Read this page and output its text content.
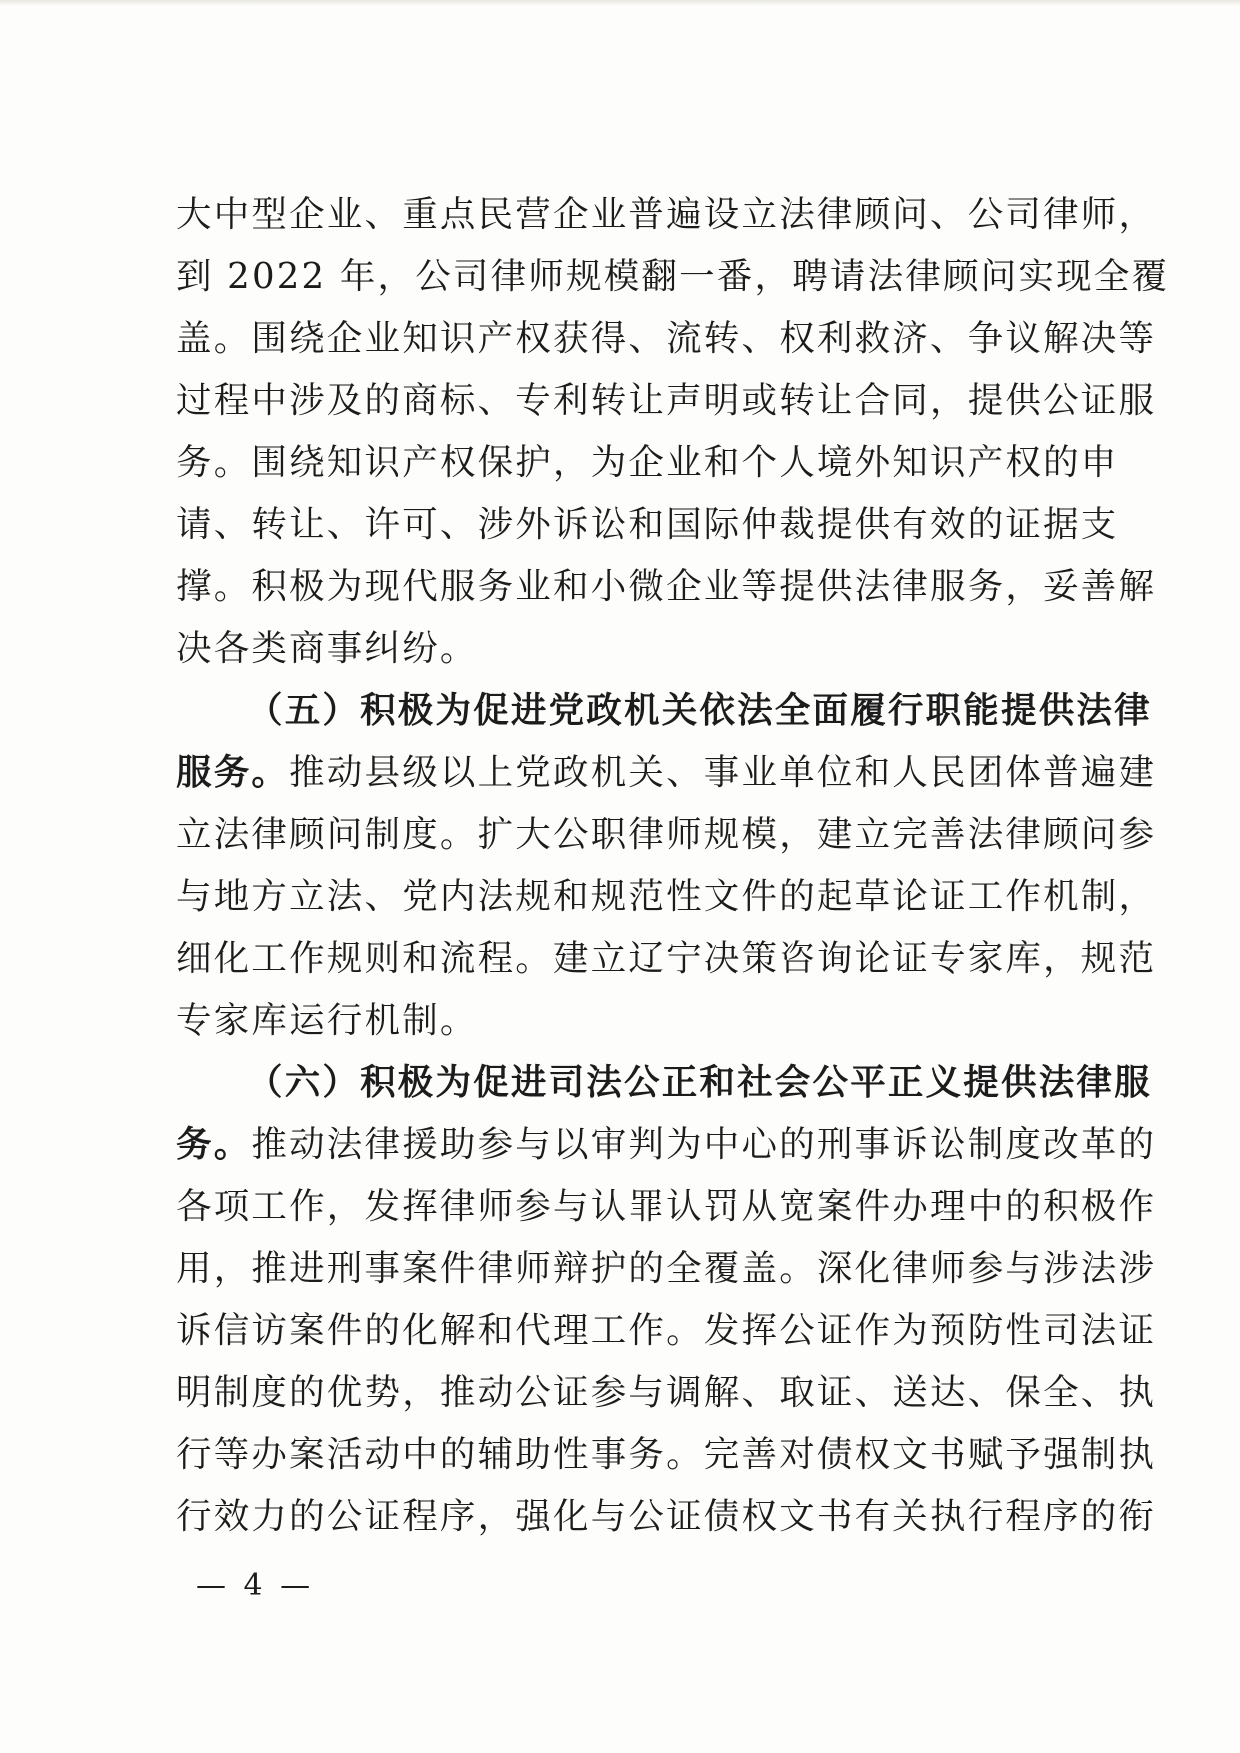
大中型企业、重点民营企业普遍设立法律顾问、公司律师，
到 2022 年，公司律师规模翻一番，聘请法律顾问实现全覆
盖。围绕企业知识产权获得、流转、权利救济、争议解决等
过程中涉及的商标、专利转让声明或转让合同，提供公证服
务。围绕知识产权保护，为企业和个人境外知识产权的申
请、转让、许可、涉外诉讼和国际仲裁提供有效的证据支
撑。积极为现代服务业和小微企业等提供法律服务，妥善解
决各类商事纠纷。
（五）积极为促进党政机关依法全面履行职能提供法律
服务。推动县级以上党政机关、事业单位和人民团体普遍建
立法律顾问制度。扩大公职律师规模，建立完善法律顾问参
与地方立法、党内法规和规范性文件的起草论证工作机制，
细化工作规则和流程。建立辽宁决策咨询论证专家库，规范
专家库运行机制。
（六）积极为促进司法公正和社会公平正义提供法律服
务。推动法律援助参与以审判为中心的刑事诉讼制度改革的
各项工作，发挥律师参与认罪认罚从宽案件办理中的积极作
用，推进刑事案件律师辩护的全覆盖。深化律师参与涉法涉
诉信访案件的化解和代理工作。发挥公证作为预防性司法证
明制度的优势，推动公证参与调解、取证、送达、保全、执
行等办案活动中的辅助性事务。完善对债权文书赋予强制执
行效力的公证程序，强化与公证债权文书有关执行程序的衔
— 4 —
